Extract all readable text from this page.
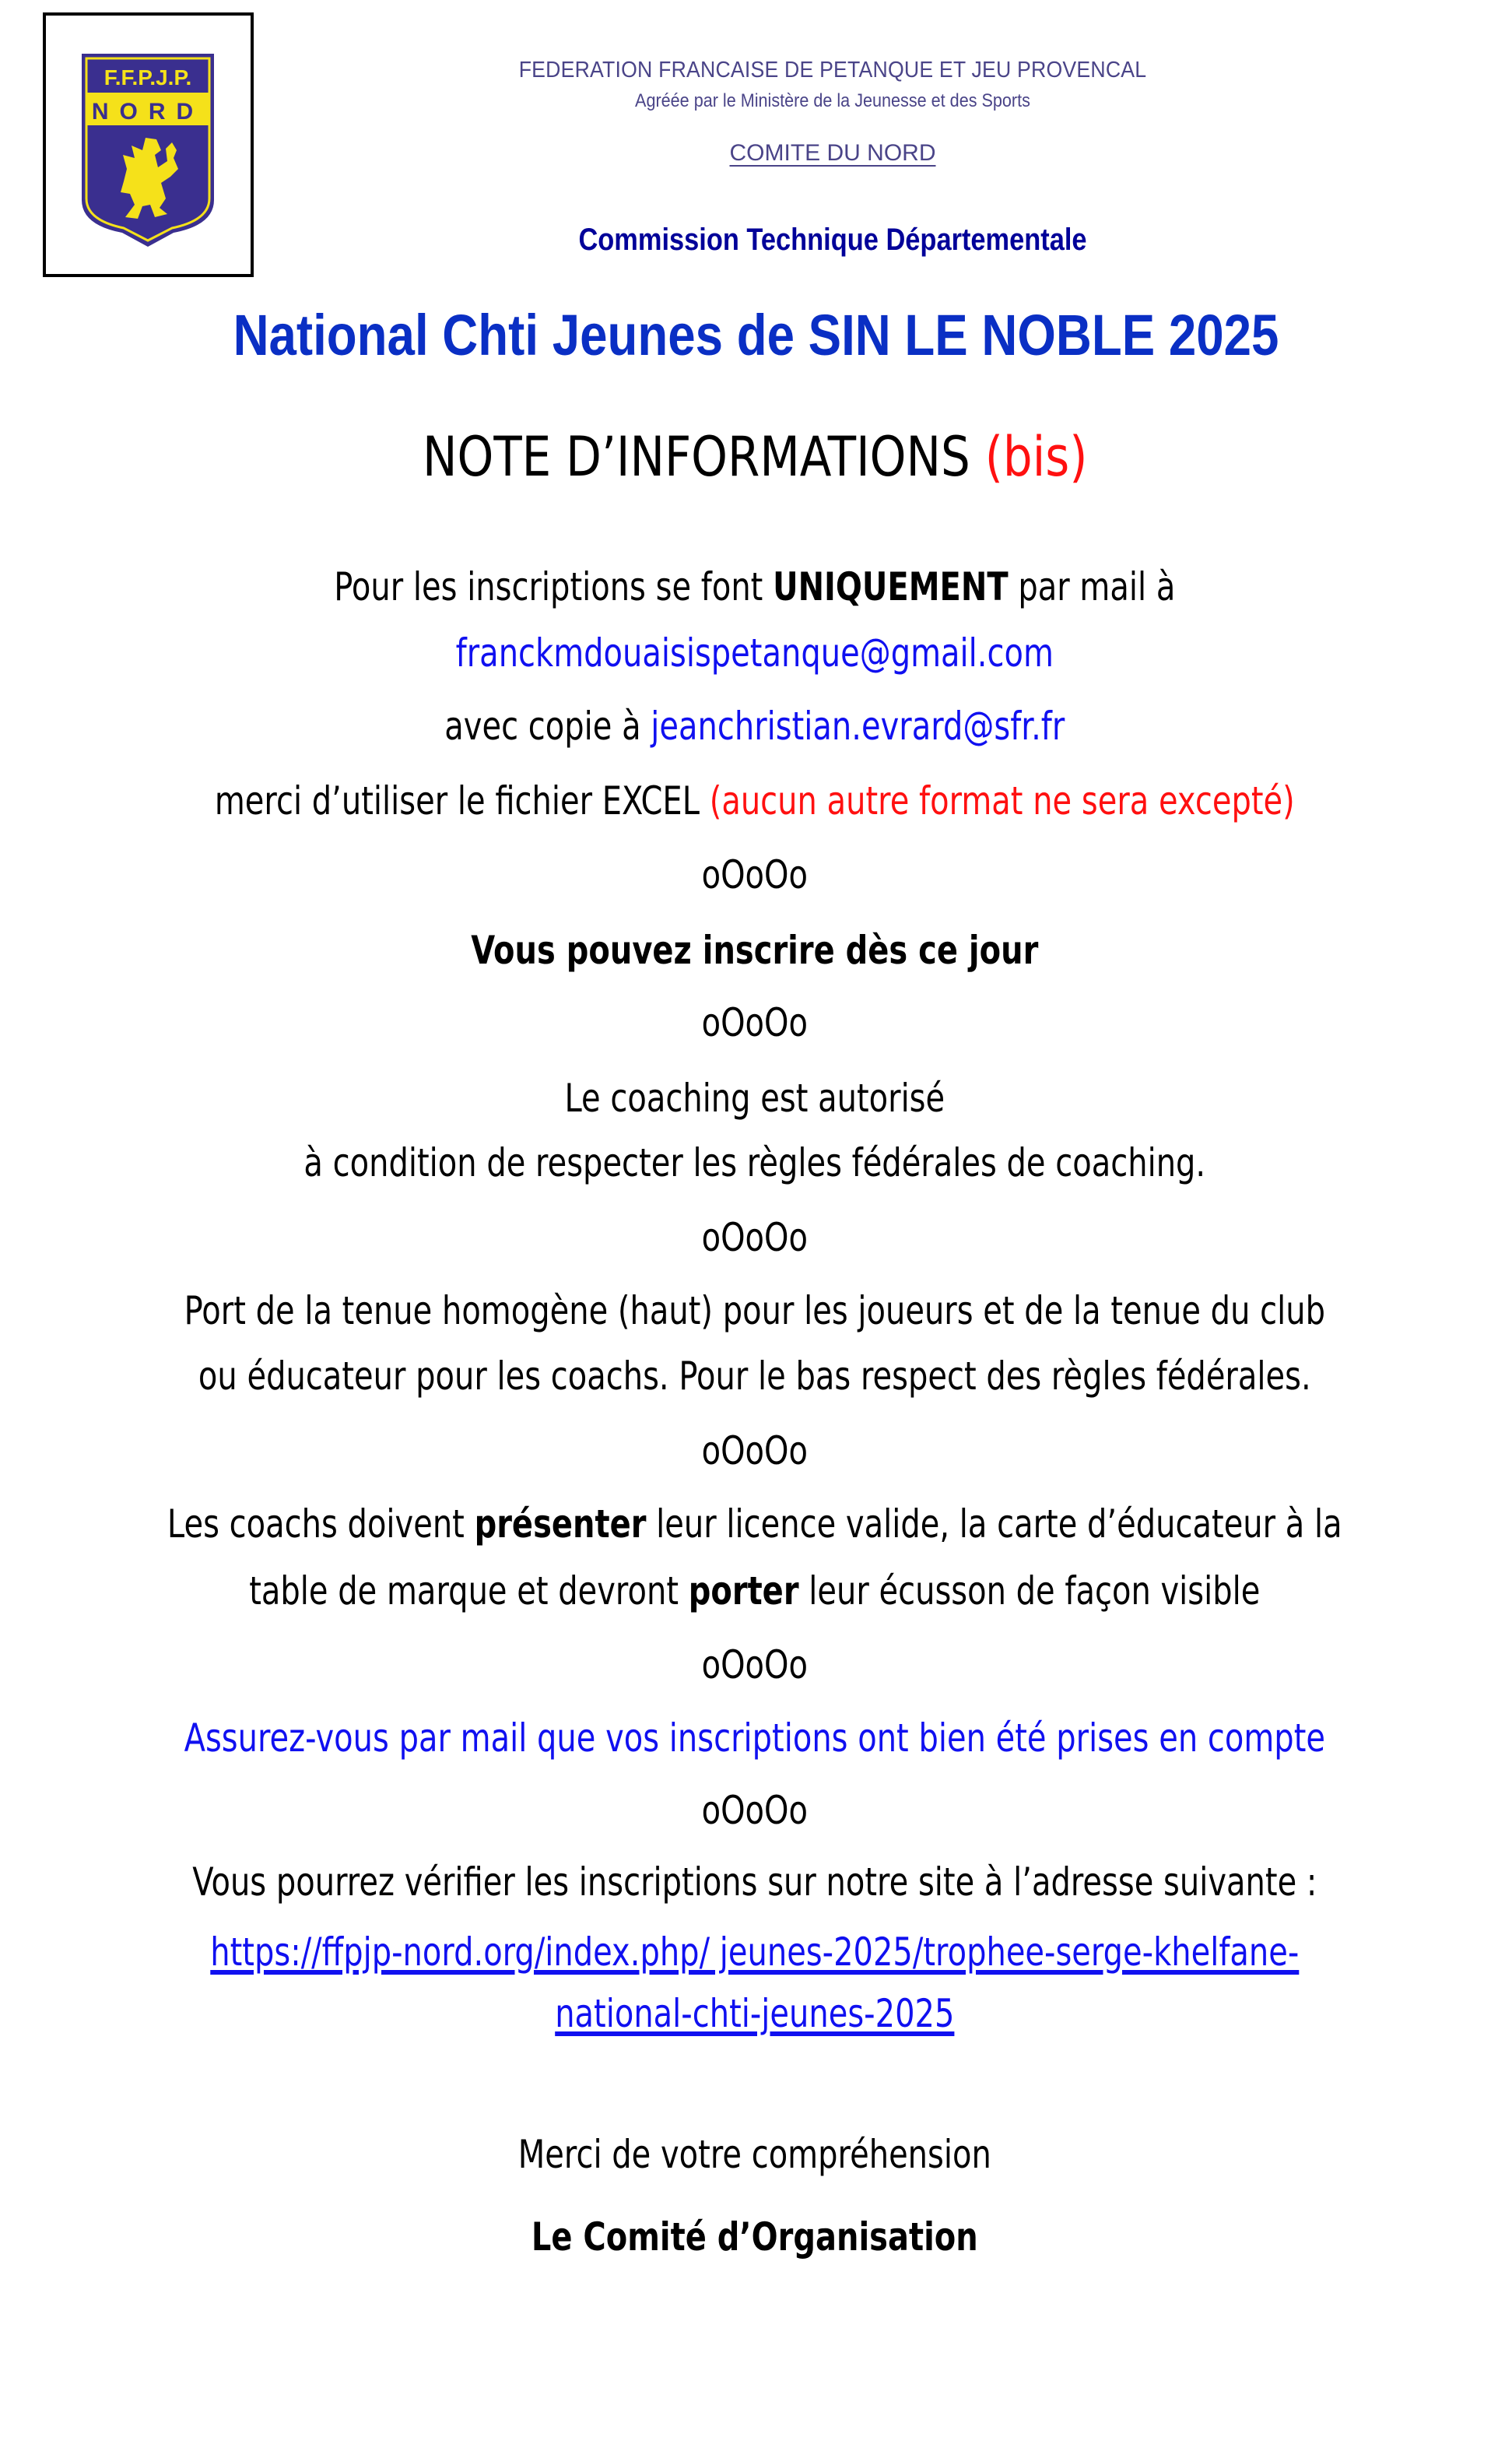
F.F.P.J.P.
NORD
FEDERATION FRANCAISE DE PETANQUE ET JEU PROVENCAL
Agréée par le Ministère de la Jeunesse et des Sports
COMITE DU NORD
Commission Technique Départementale
National Chti Jeunes de SIN LE NOBLE 2025
NOTE D’INFORMATIONS (bis)
Pour les inscriptions se font UNIQUEMENT par mail à
franckmdouaisispetanque@gmail.com
avec copie à jeanchristian.evrard@sfr.fr
merci d’utiliser le fichier EXCEL (aucun autre format ne sera excepté)
oOoOo
Vous pouvez inscrire dès ce jour
oOoOo
Le coaching est autorisé
à condition de respecter les règles fédérales de coaching.
oOoOo
Port de la tenue homogène (haut) pour les joueurs et de la tenue du club
ou éducateur pour les coachs. Pour le bas respect des règles fédérales.
oOoOo
Les coachs doivent présenter leur licence valide, la carte d’éducateur à la
table de marque et devront porter leur écusson de façon visible
oOoOo
Assurez-vous par mail que vos inscriptions ont bien été prises en compte
oOoOo
Vous pourrez vérifier les inscriptions sur notre site à l’adresse suivante :
https://ffpjp-nord.org/index.php/ jeunes-2025/trophee-serge-khelfane-
national-chti-jeunes-2025
Merci de votre compréhension
Le Comité d’Organisation
